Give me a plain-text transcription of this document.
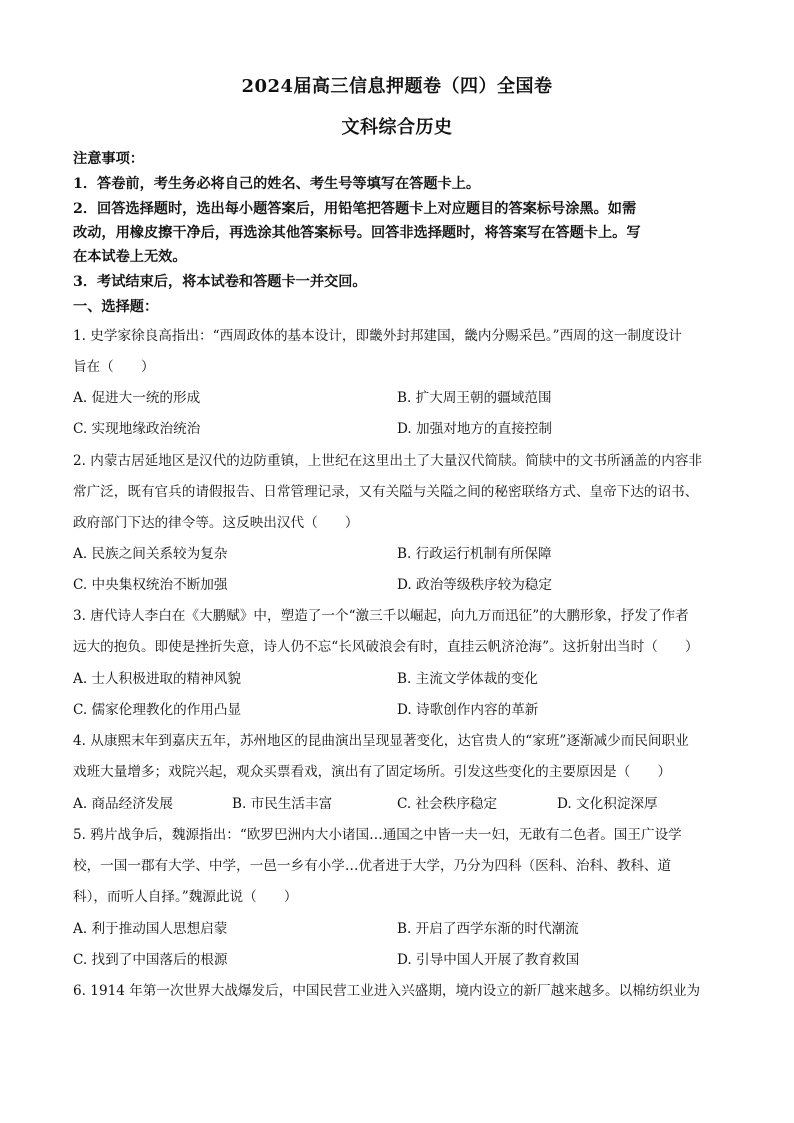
2024届高三信息押题卷（四）全国卷
文科综合历史
注意事项：
1．答卷前，考生务必将自己的姓名、考生号等填写在答题卡上。
2．回答选择题时，选出每小题答案后，用铅笔把答题卡上对应题目的答案标号涂黑。如需
改动，用橡皮擦干净后，再选涂其他答案标号。回答非选择题时，将答案写在答题卡上。写
在本试卷上无效。
3．考试结束后，将本试卷和答题卡一并交回。
一、选择题：
1. 史学家徐良高指出：“西周政体的基本设计，即畿外封邦建国，畿内分赐采邑。”西周的这一制度设计
旨在（　　）
A. 促进大一统的形成	B. 扩大周王朝的疆域范围
C. 实现地缘政治统治	D. 加强对地方的直接控制
2. 内蒙古居延地区是汉代的边防重镇，上世纪在这里出土了大量汉代简牍。简牍中的文书所涵盖的内容非
常广泛，既有官兵的请假报告、日常管理记录，又有关隘与关隘之间的秘密联络方式、皇帝下达的诏书、
政府部门下达的律令等。这反映出汉代（　　）
A. 民族之间关系较为复杂	B. 行政运行机制有所保障
C. 中央集权统治不断加强	D. 政治等级秩序较为稳定
3. 唐代诗人李白在《大鹏赋》中，塑造了一个“激三千以崛起，向九万而迅征”的大鹏形象，抒发了作者
远大的抱负。即使是挫折失意，诗人仍不忘“长风破浪会有时，直挂云帆济沧海”。这折射出当时（　　）
A. 士人积极进取的精神风貌	B. 主流文学体裁的变化
C. 儒家伦理教化的作用凸显	D. 诗歌创作内容的革新
4. 从康熙末年到嘉庆五年，苏州地区的昆曲演出呈现显著变化，达官贵人的“家班”逐渐减少而民间职业
戏班大量增多；戏院兴起，观众买票看戏，演出有了固定场所。引发这些变化的主要原因是（　　）
A. 商品经济发展	B. 市民生活丰富	C. 社会秩序稳定	D. 文化积淀深厚
5. 鸦片战争后，魏源指出：“欧罗巴洲内大小诸国…通国之中皆一夫一妇，无敢有二色者。国王广设学
校，一国一郡有大学、中学，一邑一乡有小学…优者进于大学，乃分为四科（医科、治科、教科、道
科），而听人自择。”魏源此说（　　）
A. 利于推动国人思想启蒙	B. 开启了西学东渐的时代潮流
C. 找到了中国落后的根源	D. 引导中国人开展了教育救国
6. 1914 年第一次世界大战爆发后，中国民营工业进入兴盛期，境内设立的新厂越来越多。以棉纺织业为
